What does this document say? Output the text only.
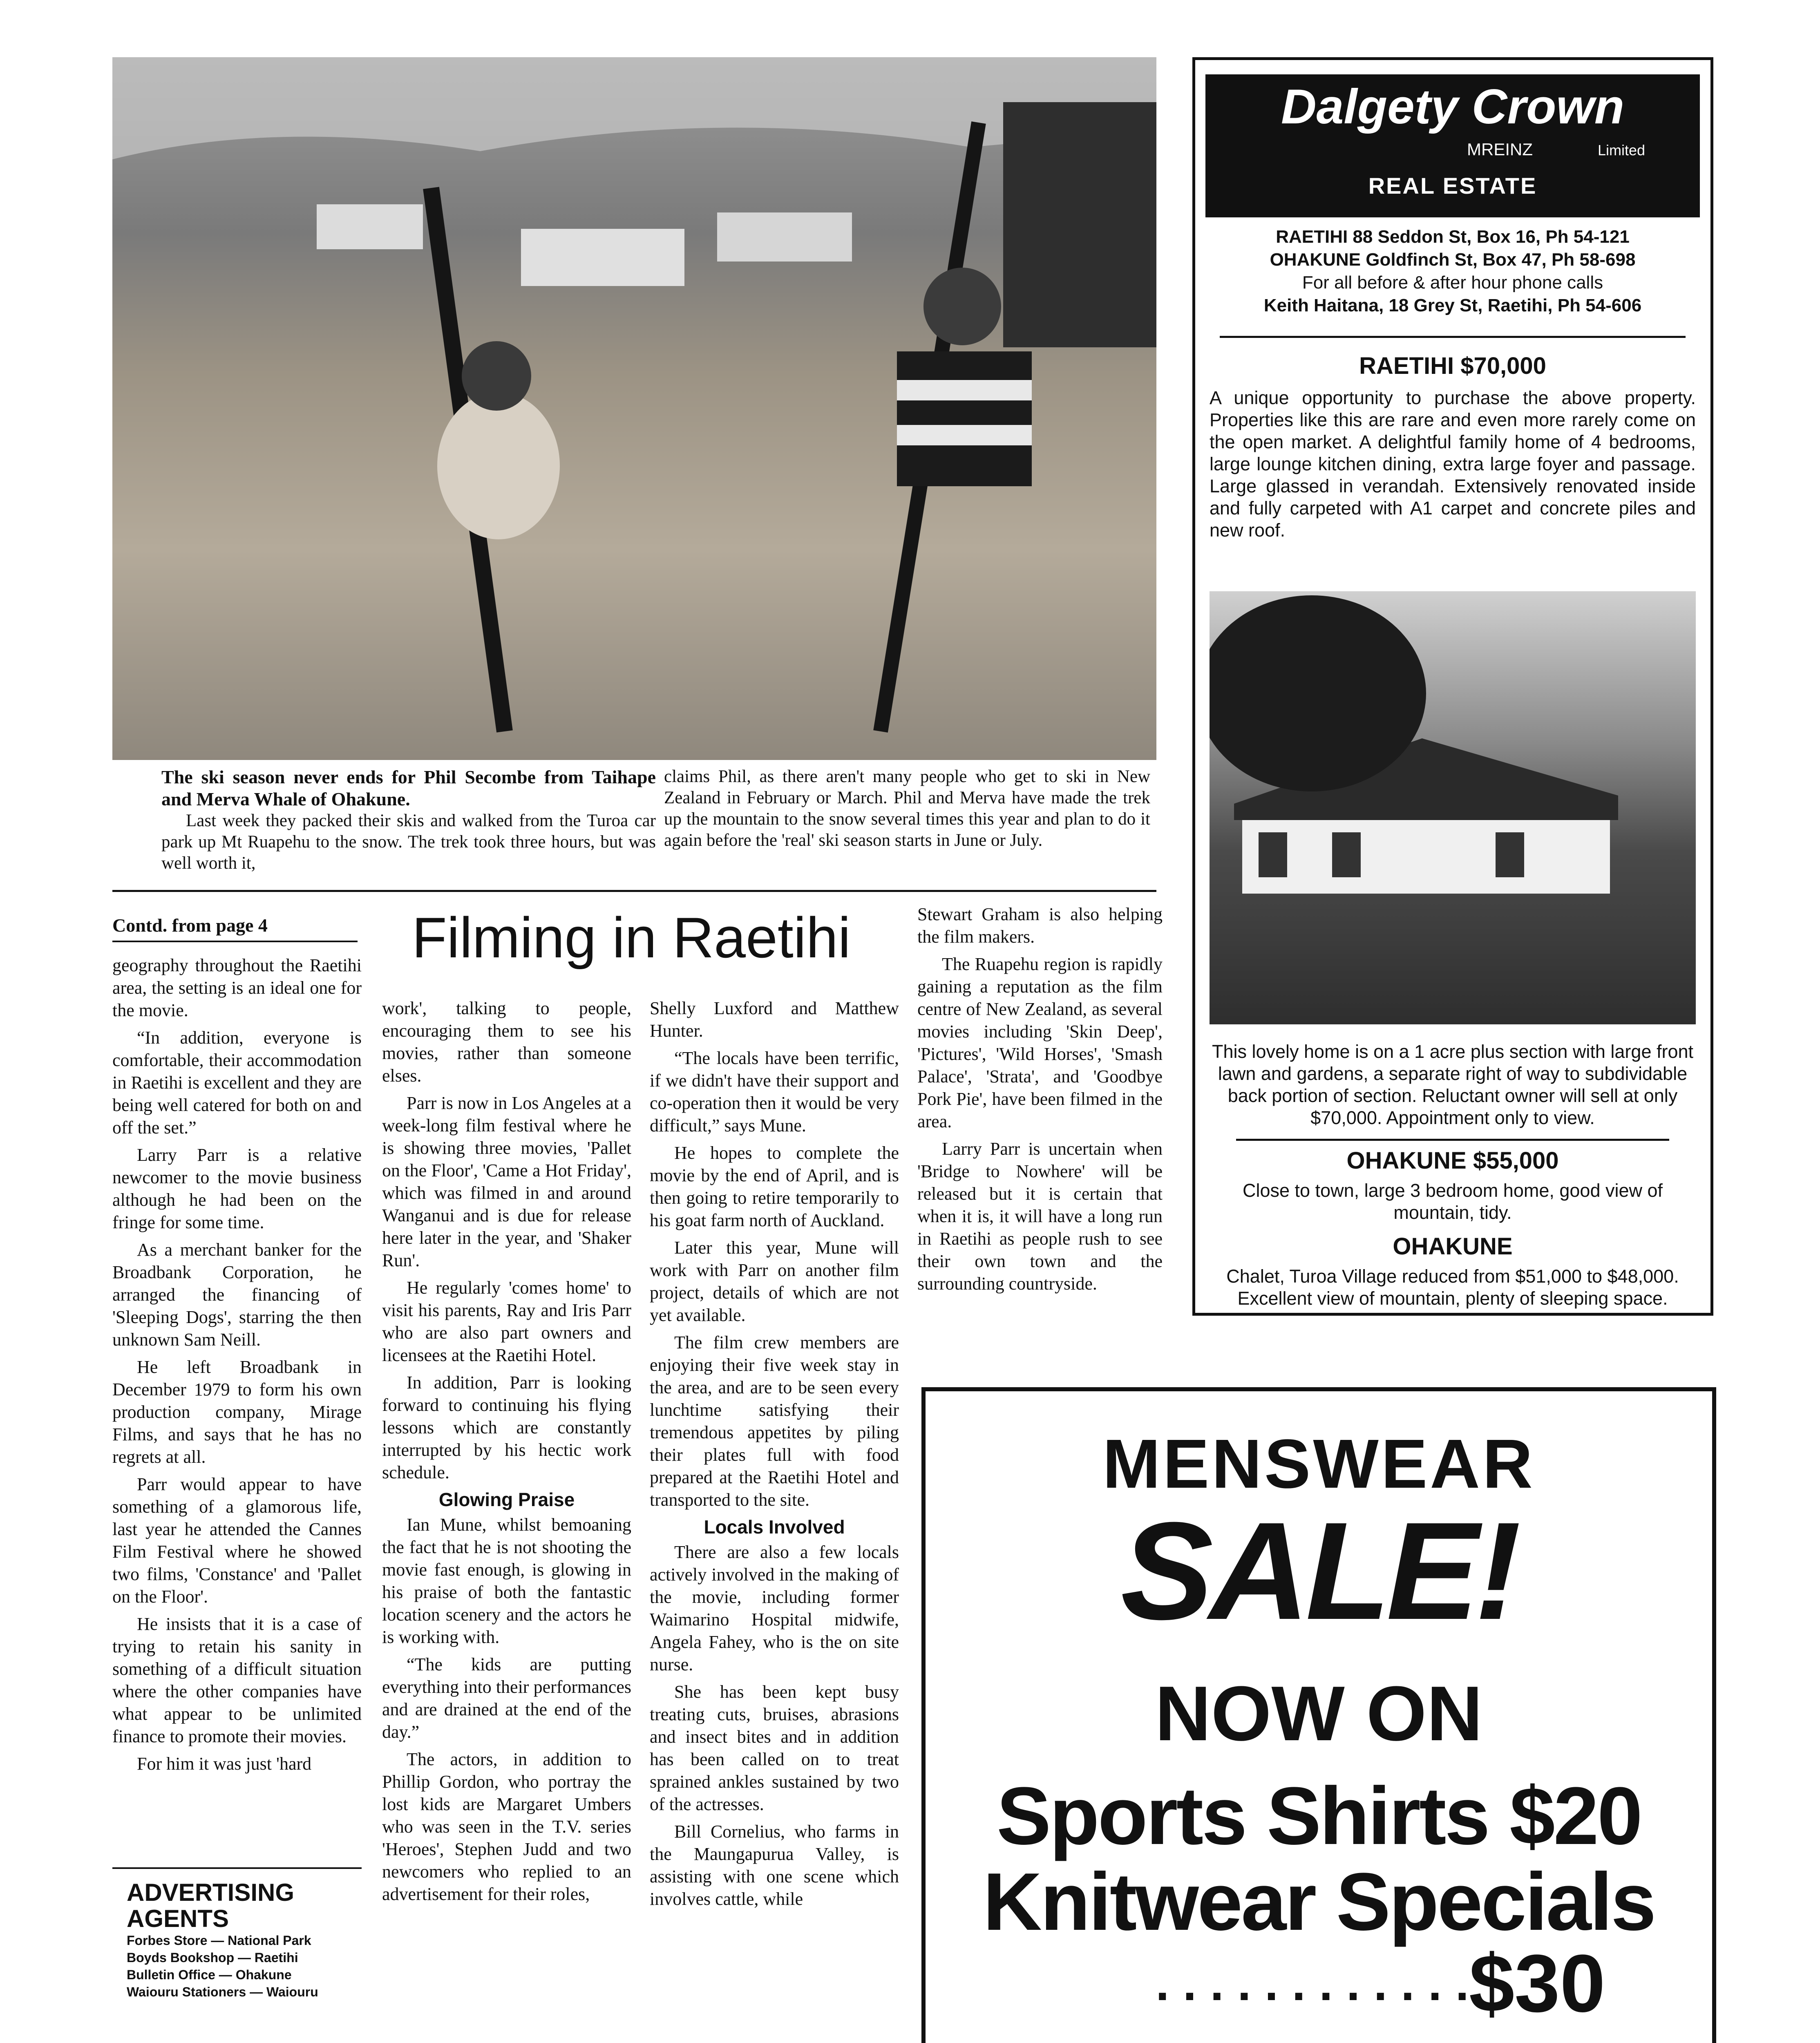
The ski season never ends for Phil Secombe from Taihape and Merva Whale of Ohakune.
Last week they packed their skis and walked from the Turoa car park up Mt Ruapehu to the snow. The trek took three hours, but was well worth it,
claims Phil, as there aren't many people who get to ski in New Zealand in February or March. Phil and Merva have made the trek up the mountain to the snow several times this year and plan to do it again before the 'real' ski season starts in June or July.
Dalgety Crown
MREINZ	Limited
REAL ESTATE
RAETIHI 88 Seddon St, Box 16, Ph 54-121
OHAKUNE Goldfinch St, Box 47, Ph 58-698
For all before & after hour phone calls
Keith Haitana, 18 Grey St, Raetihi, Ph 54-606
RAETIHI $70,000
A unique opportunity to purchase the above property. Properties like this are rare and even more rarely come on the open market. A delightful family home of 4 bedrooms, large lounge kitchen dining, extra large foyer and passage. Large glassed in verandah. Extensively renovated inside and fully carpeted with A1 carpet and concrete piles and new roof.
This lovely home is on a 1 acre plus section with large front lawn and gardens, a separate right of way to subdividable back portion of section. Reluctant owner will sell at only $70,000. Appointment only to view.
OHAKUNE $55,000
Close to town, large 3 bedroom home, good view of mountain, tidy.
OHAKUNE
Chalet, Turoa Village reduced from $51,000 to $48,000. Excellent view of mountain, plenty of sleeping space.
Contd. from page 4	Filming in Raetihi

geography throughout the Raetihi area, the setting is an ideal one for the movie.

“In addition, everyone is comfortable, their accommodation in Raetihi is excellent and they are being well catered for both on and off the set.”

Larry Parr is a relative newcomer to the movie business although he had been on the fringe for some time.

As a merchant banker for the Broadbank Corporation, he arranged the financing of 'Sleeping Dogs', starring the then unknown Sam Neill.

He left Broadbank in December 1979 to form his own production company, Mirage Films, and says that he has no regrets at all.

Parr would appear to have something of a glamorous life, last year he attended the Cannes Film Festival where he showed two films, 'Constance' and 'Pallet on the Floor'.

He insists that it is a case of trying to retain his sanity in something of a difficult situation where the other companies have what appear to be unlimited finance to promote their movies.

For him it was just 'hard

work', talking to people, encouraging them to see his movies, rather than someone elses.

Parr is now in Los Angeles at a week-long film festival where he is showing three movies, 'Pallet on the Floor', 'Came a Hot Friday', which was filmed in and around Wanganui and is due for release here later in the year, and 'Shaker Run'.

He regularly 'comes home' to visit his parents, Ray and Iris Parr who are also part owners and licensees at the Raetihi Hotel.

In addition, Parr is looking forward to continuing his flying lessons which are constantly interrupted by his hectic work schedule.

Glowing Praise

Ian Mune, whilst bemoaning the fact that he is not shooting the movie fast enough, is glowing in his praise of both the fantastic location scenery and the actors he is working with.

“The kids are putting everything into their performances and are drained at the end of the day.”

The actors, in addition to Phillip Gordon, who portray the lost kids are Margaret Umbers who was seen in the T.V. series 'Heroes', Stephen Judd and two newcomers who replied to an advertisement for their roles,

Shelly Luxford and Matthew Hunter.

“The locals have been terrific, if we didn't have their support and co-operation then it would be very difficult,” says Mune.

He hopes to complete the movie by the end of April, and is then going to retire temporarily to his goat farm north of Auckland.

Later this year, Mune will work with Parr on another film project, details of which are not yet available.

The film crew members are enjoying their five week stay in the area, and are to be seen every lunchtime satisfying their tremendous appetites by piling their plates full with food prepared at the Raetihi Hotel and transported to the site.

Locals Involved

There are also a few locals actively involved in the making of the movie, including former Waimarino Hospital midwife, Angela Fahey, who is the on site nurse.

She has been kept busy treating cuts, bruises, abrasions and insect bites and in addition has been called on to treat sprained ankles sustained by two of the actresses.

Bill Cornelius, who farms in the Maungapurua Valley, is assisting with one scene which involves cattle, while

Stewart Graham is also helping the film makers.

The Ruapehu region is rapidly gaining a reputation as the film centre of New Zealand, as several movies including 'Skin Deep', 'Pictures', 'Wild Horses', 'Smash Palace', 'Strata', and 'Goodbye Pork Pie', have been filmed in the area.

Larry Parr is uncertain when 'Bridge to Nowhere' will be released but it is certain that when it is, it will have a long run in Raetihi as people rush to see their own town and the surrounding countryside.

ADVERTISING AGENTS
Forbes Store — National Park
Boyds Bookshop — Raetihi
Bulletin Office — Ohakune
Waiouru Stationers — Waiouru
MENSWEAR
SALE!
NOW ON
Sports Shirts $20
Knitwear Specials
. . . . . . . . . . . . $30
